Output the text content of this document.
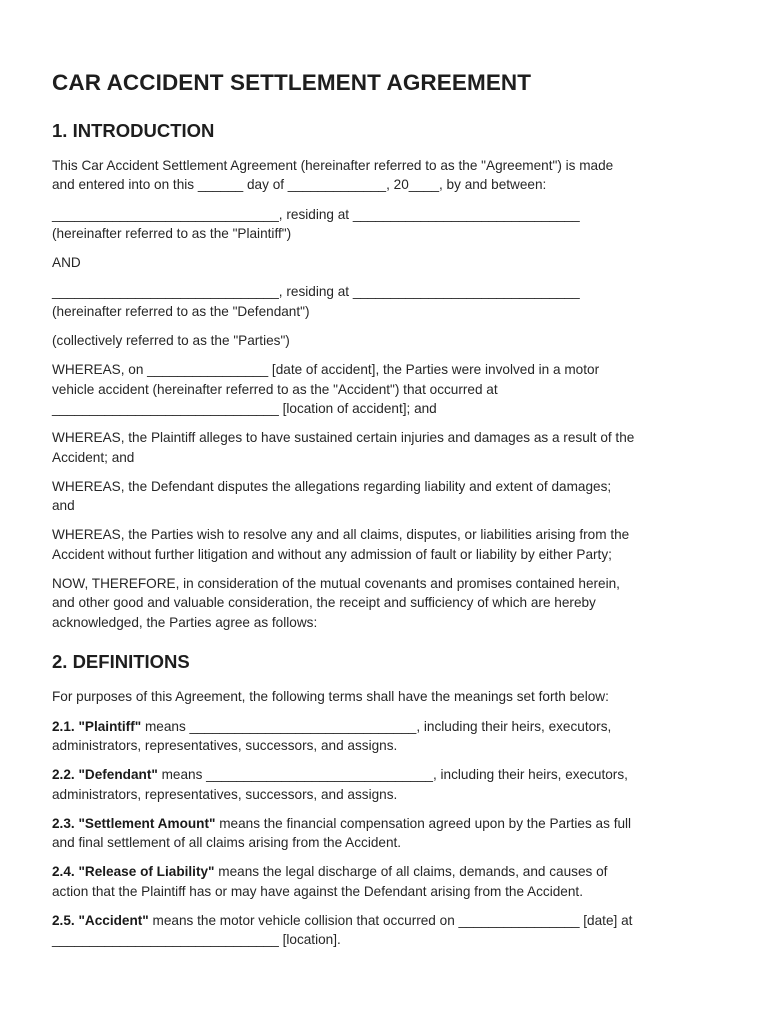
CAR ACCIDENT SETTLEMENT AGREEMENT
1. INTRODUCTION

This Car Accident Settlement Agreement (hereinafter referred to as the "Agreement") is made
and entered into on this ______ day of _____________, 20____, by and between:

______________________________, residing at ______________________________
(hereinafter referred to as the "Plaintiff")

AND

______________________________, residing at ______________________________
(hereinafter referred to as the "Defendant")

(collectively referred to as the "Parties")

WHEREAS, on ________________ [date of accident], the Parties were involved in a motor
vehicle accident (hereinafter referred to as the "Accident") that occurred at
______________________________ [location of accident]; and

WHEREAS, the Plaintiff alleges to have sustained certain injuries and damages as a result of the
Accident; and

WHEREAS, the Defendant disputes the allegations regarding liability and extent of damages;
and

WHEREAS, the Parties wish to resolve any and all claims, disputes, or liabilities arising from the
Accident without further litigation and without any admission of fault or liability by either Party;

NOW, THEREFORE, in consideration of the mutual covenants and promises contained herein,
and other good and valuable consideration, the receipt and sufficiency of which are hereby
acknowledged, the Parties agree as follows:

2. DEFINITIONS

For purposes of this Agreement, the following terms shall have the meanings set forth below:

2.1. "Plaintiff" means ______________________________, including their heirs, executors,
administrators, representatives, successors, and assigns.

2.2. "Defendant" means ______________________________, including their heirs, executors,
administrators, representatives, successors, and assigns.

2.3. "Settlement Amount" means the financial compensation agreed upon by the Parties as full
and final settlement of all claims arising from the Accident.

2.4. "Release of Liability" means the legal discharge of all claims, demands, and causes of
action that the Plaintiff has or may have against the Defendant arising from the Accident.

2.5. "Accident" means the motor vehicle collision that occurred on ________________ [date] at
______________________________ [location].
